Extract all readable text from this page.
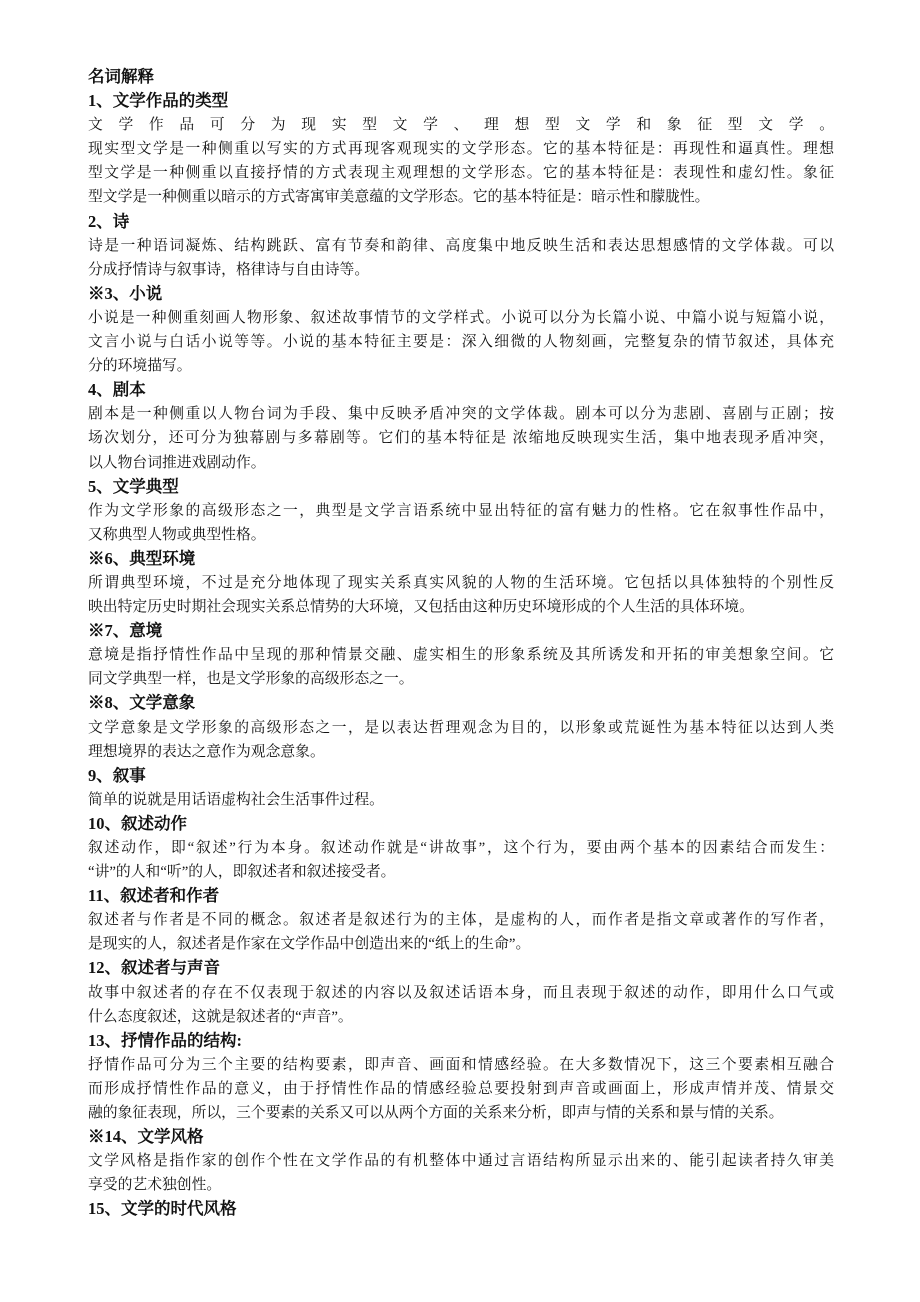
名词解释
1、文学作品的类型
文学作品可分为现实型文学、理想型文学和象征型文学。
现实型文学是一种侧重以写实的方式再现客观现实的文学形态。它的基本特征是：再现性和逼真性。理想
型文学是一种侧重以直接抒情的方式表现主观理想的文学形态。它的基本特征是：表现性和虚幻性。象征
型文学是一种侧重以暗示的方式寄寓审美意蕴的文学形态。它的基本特征是：暗示性和朦胧性。
2、诗
诗是一种语词凝炼、结构跳跃、富有节奏和韵律、高度集中地反映生活和表达思想感情的文学体裁。可以
分成抒情诗与叙事诗，格律诗与自由诗等。
※3、小说
小说是一种侧重刻画人物形象、叙述故事情节的文学样式。小说可以分为长篇小说、中篇小说与短篇小说，
文言小说与白话小说等等。小说的基本特征主要是：深入细微的人物刻画，完整复杂的情节叙述，具体充
分的环境描写。
4、剧本
剧本是一种侧重以人物台词为手段、集中反映矛盾冲突的文学体裁。剧本可以分为悲剧、喜剧与正剧；按
场次划分，还可分为独幕剧与多幕剧等。它们的基本特征是 浓缩地反映现实生活，集中地表现矛盾冲突，
以人物台词推进戏剧动作。
5、文学典型
作为文学形象的高级形态之一，典型是文学言语系统中显出特征的富有魅力的性格。它在叙事性作品中，
又称典型人物或典型性格。
※6、典型环境
所谓典型环境，不过是充分地体现了现实关系真实风貌的人物的生活环境。它包括以具体独特的个别性反
映出特定历史时期社会现实关系总情势的大环境，又包括由这种历史环境形成的个人生活的具体环境。
※7、意境
意境是指抒情性作品中呈现的那种情景交融、虚实相生的形象系统及其所诱发和开拓的审美想象空间。它
同文学典型一样，也是文学形象的高级形态之一。
※8、文学意象
文学意象是文学形象的高级形态之一，是以表达哲理观念为目的，以形象或荒诞性为基本特征以达到人类
理想境界的表达之意作为观念意象。
9、叙事
简单的说就是用话语虚构社会生活事件过程。
10、叙述动作
叙述动作，即“叙述”行为本身。叙述动作就是“讲故事”，这个行为，要由两个基本的因素结合而发生：
“讲”的人和“听”的人，即叙述者和叙述接受者。
11、叙述者和作者
叙述者与作者是不同的概念。叙述者是叙述行为的主体，是虚构的人，而作者是指文章或著作的写作者，
是现实的人，叙述者是作家在文学作品中创造出来的“纸上的生命”。
12、叙述者与声音
故事中叙述者的存在不仅表现于叙述的内容以及叙述话语本身，而且表现于叙述的动作，即用什么口气或
什么态度叙述，这就是叙述者的“声音”。
13、抒情作品的结构:
抒情作品可分为三个主要的结构要素，即声音、画面和情感经验。在大多数情况下，这三个要素相互融合
而形成抒情性作品的意义，由于抒情性作品的情感经验总要投射到声音或画面上，形成声情并茂、情景交
融的象征表现，所以，三个要素的关系又可以从两个方面的关系来分析，即声与情的关系和景与情的关系。
※14、文学风格
文学风格是指作家的创作个性在文学作品的有机整体中通过言语结构所显示出来的、能引起读者持久审美
享受的艺术独创性。
15、文学的时代风格
